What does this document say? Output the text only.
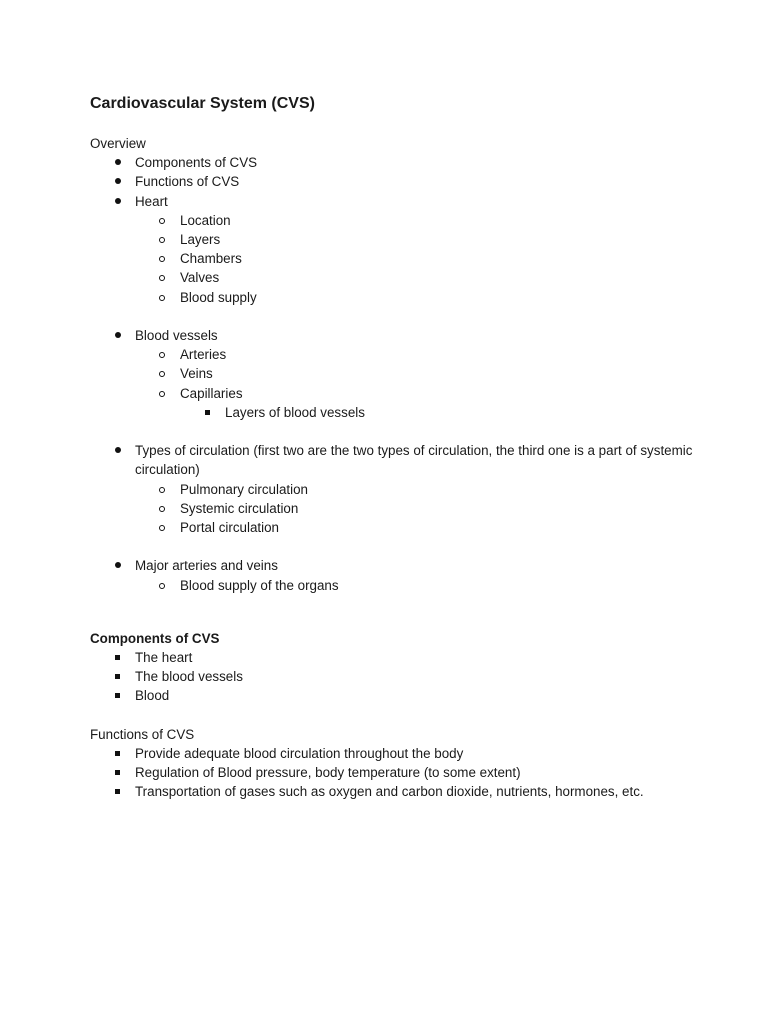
Cardiovascular System (CVS)
Overview
Components of CVS
Functions of CVS
Heart
Location
Layers
Chambers
Valves
Blood supply
Blood vessels
Arteries
Veins
Capillaries
Layers of blood vessels
Types of circulation (first two are the two types of circulation, the third one is a part of systemic circulation)
Pulmonary circulation
Systemic circulation
Portal circulation
Major arteries and veins
Blood supply of the organs
Components of CVS
The heart
The blood vessels
Blood
Functions of CVS
Provide adequate blood circulation throughout the body
Regulation of Blood pressure, body temperature (to some extent)
Transportation of gases such as oxygen and carbon dioxide, nutrients, hormones, etc.
